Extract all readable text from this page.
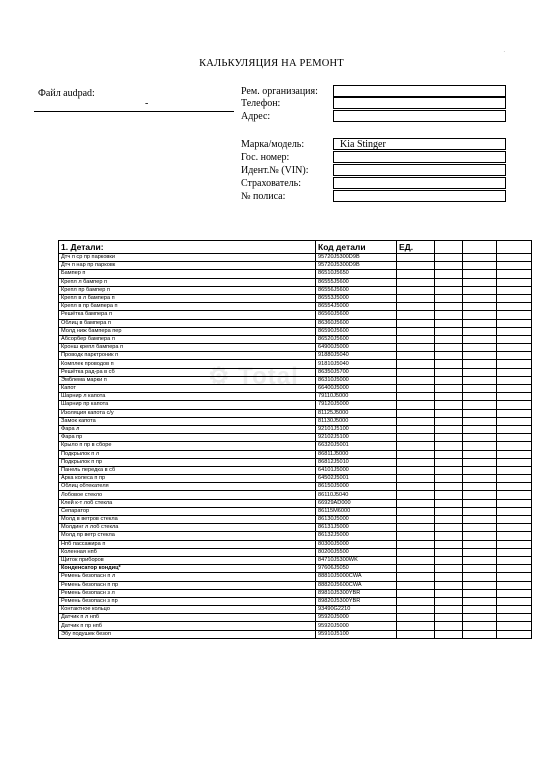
.
КАЛЬКУЛЯЦИЯ НА РЕМОНТ
Файл audpad:
-
Рем. организация:
Телефон:
Адрес:
Марка/модель:	Kia Stinger
Гос. номер:
Идент.№ (VIN):
Страхователь:
№ полиса:
⚙ Total
1. Детали:	Код детали	ЕД.			
Дтч п ср пр парковки	95720J5300D9B				
Дтч п нар пр парковк	95720J5300D9B				
Бампер п	86510J5650				
Крепл л бампер п	86555J5600				
Крепл пр бампер п	86556J5600				
Крепл в л бампера п	86553J5000				
Крепл в пр бампера п	86554J5000				
Решётка бампера п	86560J5600				
Облиц в бампера п	86360J5600				
Молд ниж бампера пер	86590J5600				
Абсорбер бампера п	86520J5600				
Кронш крепл бампера п	64900J5000				
Проводк парктроник п	91880J5040				
Комплек проводов п	91810J5040				
Решётка рад-ра в сб	86350J5700				
Эмблема марки п	86310J5000				
Капот	66400J5000				
Шарнир л капота	79110J5000				
Шарнир пр капота	79120J5000				
Изоляция капота с/у	81125J5000				
Замок капота	81130J5000				
Фара л	92101J5100				
Фара пр	92102J5100				
Крыло п пр в сборе	66320J5001				
Подкрылок п л	86811J5000				
Подкрылок п пр	86812J5010				
Панель передка в сб	64101J5000				
Арка колеса п пр	64502J5001				
Облиц обтекателя	86150J5000				
Лобовое стекло	86110J5040				
Клей к-т лоб стекла	66929AD000				
Сепаратор	86115M6000				
Молд в ветров стекла	86130J5000				
Молдинг л лоб стекла	86131J5000				
Молд пр ветр стекла	86132J5000				
Нпб пассажира п	80300J5000				
Коленная нпб	80200J5500				
Щиток приборов	84710J5300WK				
Конденсатор кондиц*	97606J5050				
Ремень безопасн п л	88810J5000CWA				
Ремень безопасн п пр	88820J5600CWA				
Ремень безопасн з л	89810J5300YBR				
Ремень безопасн з пр	89820J5300YBR				
Контактное кольцо	93490G2210				
Датчик п л нпб	95920J5000				
Датчик п пр нпб	95920J5000				
Эбу подушек безоп	95910J5100				
